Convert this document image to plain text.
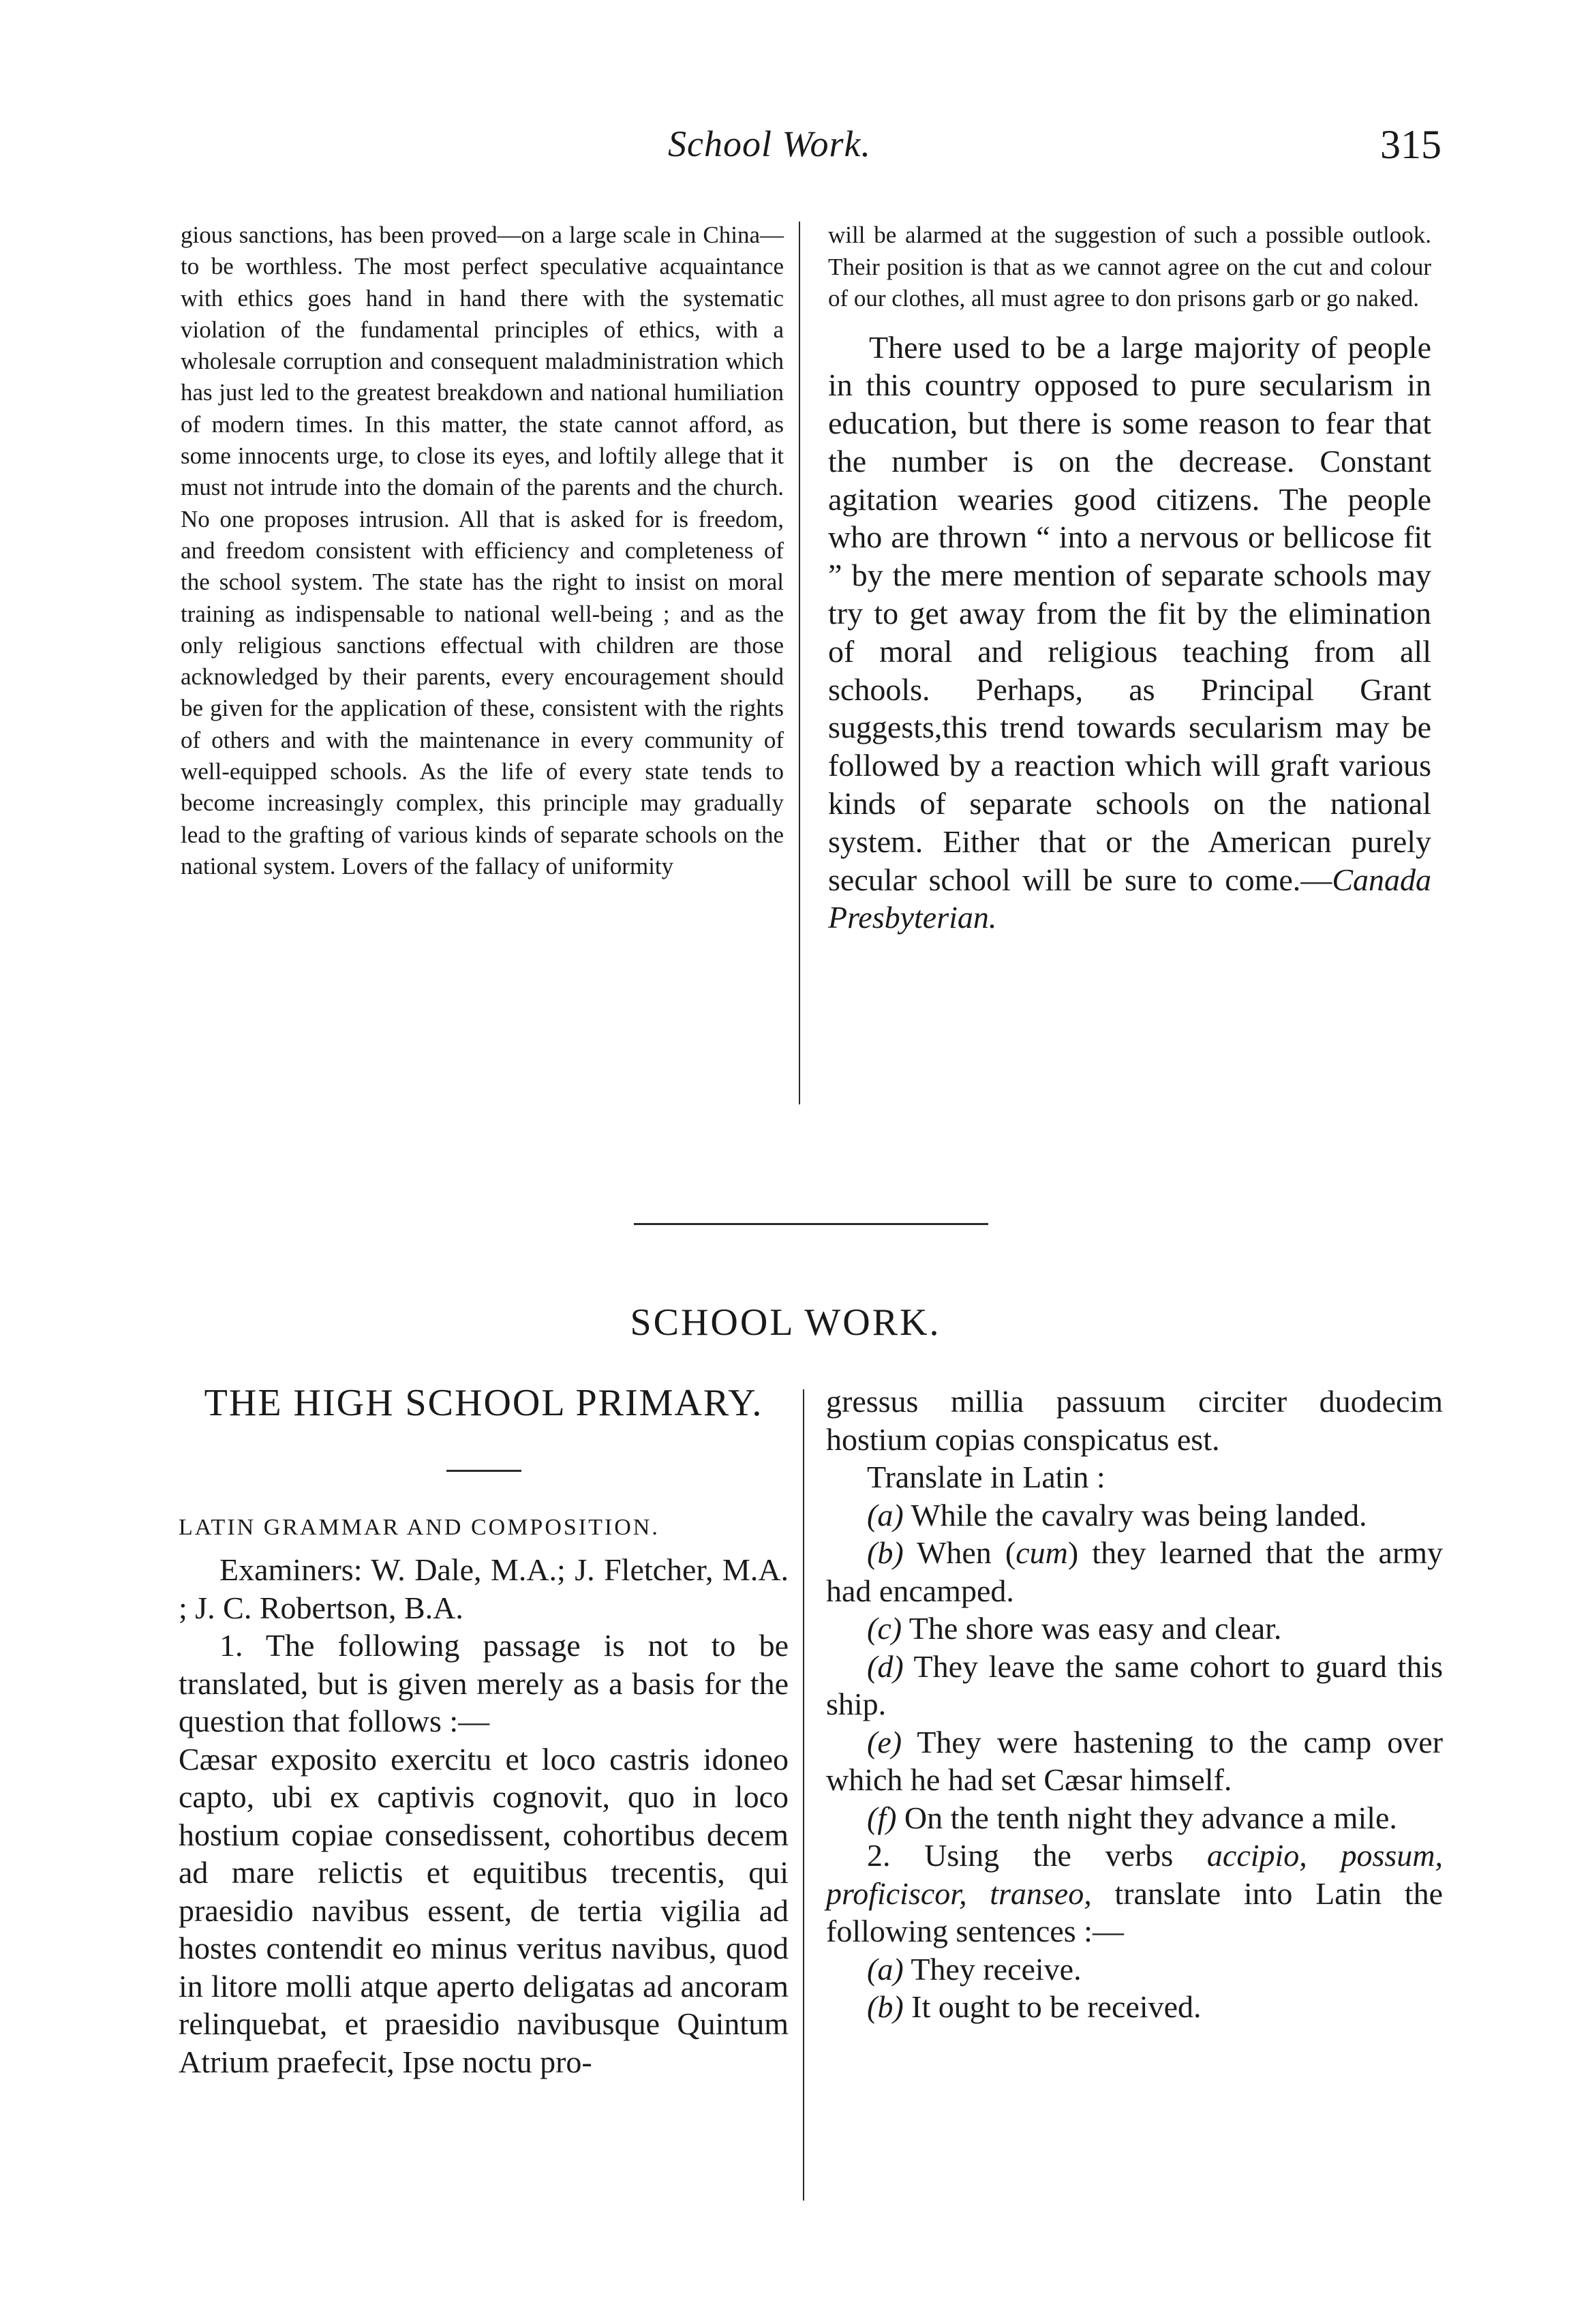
School Work.	315

gious sanctions, has been proved—on a large scale in China—to be worthless. The most perfect speculative acquaintance with ethics goes hand in hand there with the systematic violation of the fundamental principles of ethics, with a wholesale corruption and consequent maladministration which has just led to the greatest breakdown and national humiliation of modern times. In this matter, the state cannot afford, as some innocents urge, to close its eyes, and loftily allege that it must not intrude into the domain of the parents and the church. No one proposes intrusion. All that is asked for is freedom, and freedom consistent with efficiency and completeness of the school system. The state has the right to insist on moral training as indispensable to national well-being ; and as the only religious sanctions effectual with children are those acknowledged by their parents, every encouragement should be given for the application of these, consistent with the rights of others and with the maintenance in every community of well-equipped schools. As the life of every state tends to become increasingly complex, this principle may gradually lead to the grafting of various kinds of separate schools on the national system. Lovers of the fallacy of uniformity

will be alarmed at the suggestion of such a possible outlook. Their position is that as we cannot agree on the cut and colour of our clothes, all must agree to don prisons garb or go naked.

There used to be a large majority of people in this country opposed to pure secularism in education, but there is some reason to fear that the number is on the decrease. Constant agitation wearies good citizens. The people who are thrown “ into a nervous or bellicose fit ” by the mere mention of separate schools may try to get away from the fit by the elimination of moral and religious teaching from all schools. Perhaps, as Principal Grant suggests,this trend towards secularism may be followed by a reaction which will graft various kinds of separate schools on the national system. Either that or the American purely secular school will be sure to come.—Canada Presbyterian.

SCHOOL WORK.
THE HIGH SCHOOL PRIMARY.
LATIN GRAMMAR AND COMPOSITION.

Examiners: W. Dale, M.A.; J. Fletcher, M.A. ; J. C. Robertson, B.A.

1. The following passage is not to be translated, but is given merely as a basis for the question that follows :—

Cæsar exposito exercitu et loco castris idoneo capto, ubi ex captivis cognovit, quo in loco hostium copiae consedissent, cohortibus decem ad mare relictis et equitibus trecentis, qui praesidio navibus essent, de tertia vigilia ad hostes contendit eo minus veritus navibus, quod in litore molli atque aperto deligatas ad ancoram relinquebat, et praesidio navibusque Quintum Atrium praefecit, Ipse noctu pro-

gressus millia passuum circiter duodecim hostium copias conspicatus est.

Translate in Latin :

(a) While the cavalry was being landed.

(b) When (cum) they learned that the army had encamped.

(c) The shore was easy and clear.

(d) They leave the same cohort to guard this ship.

(e) They were hastening to the camp over which he had set Cæsar himself.

(f) On the tenth night they advance a mile.

2. Using the verbs accipio, possum, proficiscor, transeo, translate into Latin the following sentences :—

(a) They receive.

(b) It ought to be received.
